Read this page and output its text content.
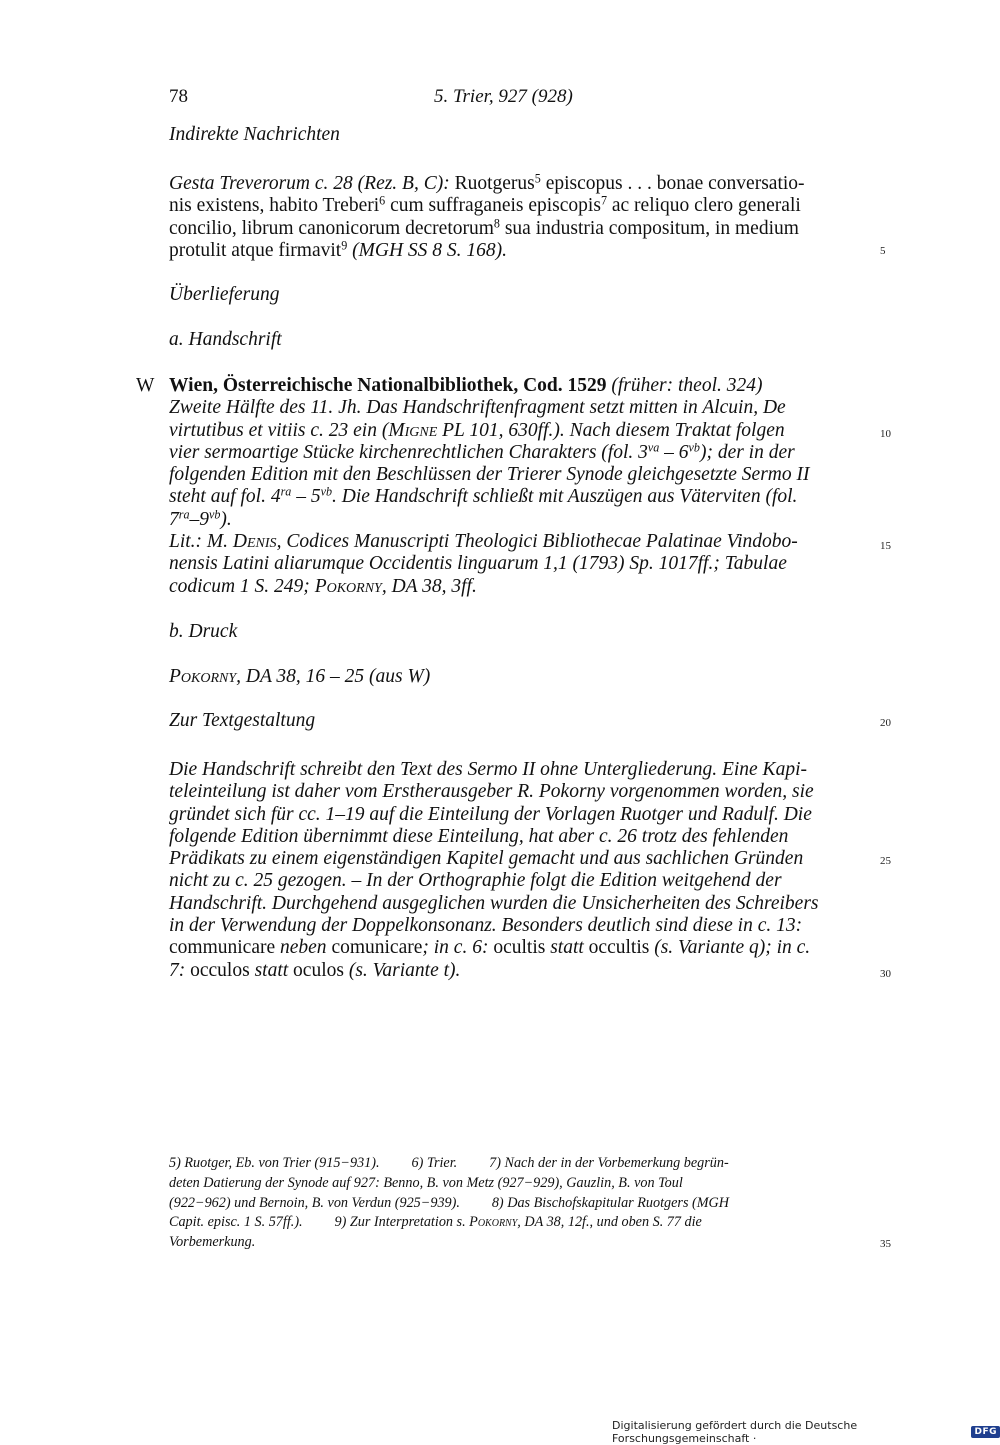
78	5. Trier, 927 (928)
Indirekte Nachrichten
Gesta Treverorum c. 28 (Rez. B, C): Ruotgerus$^5$ episcopus . . . bonae conversatio-
nis existens, habito Treberi$^6$ cum suffraganeis episcopis$^7$ ac reliquo clero generali
concilio, librum canonicorum decretorum$^8$ sua industria compositum, in medium
protulit atque firmavit$^9$ (MGH SS 8 S. 168).
Überlieferung
a. Handschrift
W Wien, Österreichische Nationalbibliothek, Cod. 1529 (früher: theol. 324)
Zweite Hälfte des 11. Jh. Das Handschriftenfragment setzt mitten in Alcuin, De
virtutibus et vitiis c. 23 ein (Migne PL 101, 630ff.). Nach diesem Traktat folgen
vier sermoartige Stücke kirchenrechtlichen Charakters (fol. $3^{va} - 6^{vb}$); der in der
folgenden Edition mit den Beschlüssen der Trierer Synode gleichgesetzte Sermo II
steht auf fol. $4^{ra} - 5^{vb}$. Die Handschrift schließt mit Auszügen aus Väterviten (fol.
$7^{ra}-9^{vb}$).
Lit.: M. Denis, Codices Manuscripti Theologici Bibliothecae Palatinae Vindobo-
nensis Latini aliarumque Occidentis linguarum 1,1 (1793) Sp. 1017ff.; Tabulae
codicum 1 S. 249; Pokorny, DA 38, 3ff.
b. Druck
Pokorny, DA 38, 16 – 25 (aus W)
Zur Textgestaltung
Die Handschrift schreibt den Text des Sermo II ohne Untergliederung. Eine Kapi-
teleinteilung ist daher vom Erstherausgeber R. Pokorny vorgenommen worden, sie
gründet sich für cc. 1–19 auf die Einteilung der Vorlagen Ruotger und Radulf. Die
folgende Edition übernimmt diese Einteilung, hat aber c. 26 trotz des fehlenden
Prädikats zu einem eigenständigen Kapitel gemacht und aus sachlichen Gründen
nicht zu c. 25 gezogen. – In der Orthographie folgt die Edition weitgehend der
Handschrift. Durchgehend ausgeglichen wurden die Unsicherheiten des Schreibers
in der Verwendung der Doppelkonsonanz. Besonders deutlich sind diese in c. 13:
communicare neben comunicare; in c. 6: ocultis statt occultis (s. Variante q); in c.
7: occulos statt oculos (s. Variante t).
5) Ruotger, Eb. von Trier (915−931). 6) Trier. 7) Nach der in der Vorbemerkung begrün-
deten Datierung der Synode auf 927: Benno, B. von Metz (927−929), Gauzlin, B. von Toul
(922−962) und Bernoin, B. von Verdun (925−939). 8) Das Bischofskapitular Ruotgers (MGH
Capit. episc. 1 S. 57ff.). 9) Zur Interpretation s. Pokorny, DA 38, 12f., und oben S. 77 die
Vorbemerkung.
5
10
15
20
25
30
35
Digitalisierung gefördert durch die Deutsche Forschungsgemeinschaft ·	DFG
